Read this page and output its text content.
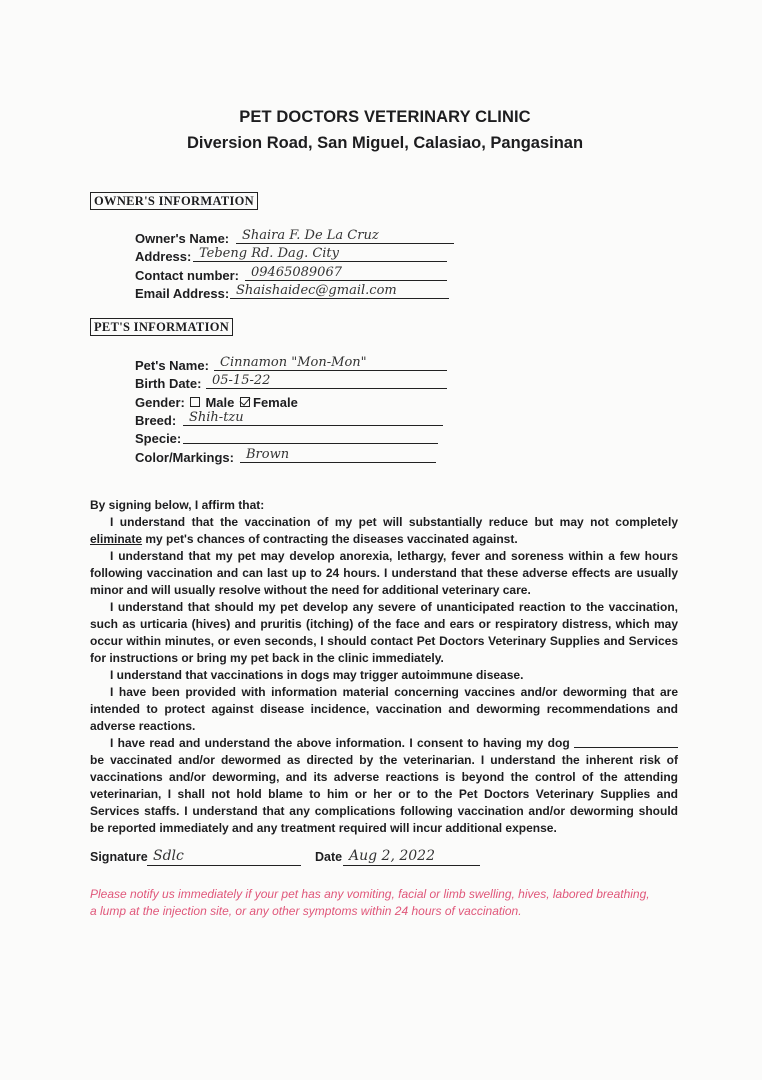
PET DOCTORS VETERINARY CLINIC
Diversion Road, San Miguel, Calasiao, Pangasinan
OWNER'S INFORMATION
Owner's Name: Shaira F. De La Cruz
Address: Tebeng Rd. Dag. City
Contact number: 09465089067
Email Address: Shaishaidec@gmail.com
PET'S INFORMATION
Pet's Name: Cinnamon "Mon-Mon"
Birth Date: 05-15-22
Gender: Male Female
Breed: Shih-tzu
Specie:
Color/Markings: Brown

By signing below, I affirm that:

I understand that the vaccination of my pet will substantially reduce but may not completely eliminate my pet's chances of contracting the diseases vaccinated against.

I understand that my pet may develop anorexia, lethargy, fever and soreness within a few hours following vaccination and can last up to 24 hours. I understand that these adverse effects are usually minor and will usually resolve without the need for additional veterinary care.

I understand that should my pet develop any severe of unanticipated reaction to the vaccination, such as urticaria (hives) and pruritis (itching) of the face and ears or respiratory distress, which may occur within minutes, or even seconds, I should contact Pet Doctors Veterinary Supplies and Services for instructions or bring my pet back in the clinic immediately.

I understand that vaccinations in dogs may trigger autoimmune disease.

I have been provided with information material concerning vaccines and/or deworming that are intended to protect against disease incidence, vaccination and deworming recommendations and adverse reactions.

I have read and understand the above information. I consent to having my dog  be vaccinated and/or dewormed as directed by the veterinarian. I understand the inherent risk of vaccinations and/or deworming, and its adverse reactions is beyond the control of the attending veterinarian, I shall not hold blame to him or her or to the Pet Doctors Veterinary Supplies and Services staffs. I understand that any complications following vaccination and/or deworming should be reported immediately and any treatment required will incur additional expense.

Signature Sdlc	Date Aug 2, 2022
Please notify us immediately if your pet has any vomiting, facial or limb swelling, hives, labored breathing, a lump at the injection site, or any other symptoms within 24 hours of vaccination.
